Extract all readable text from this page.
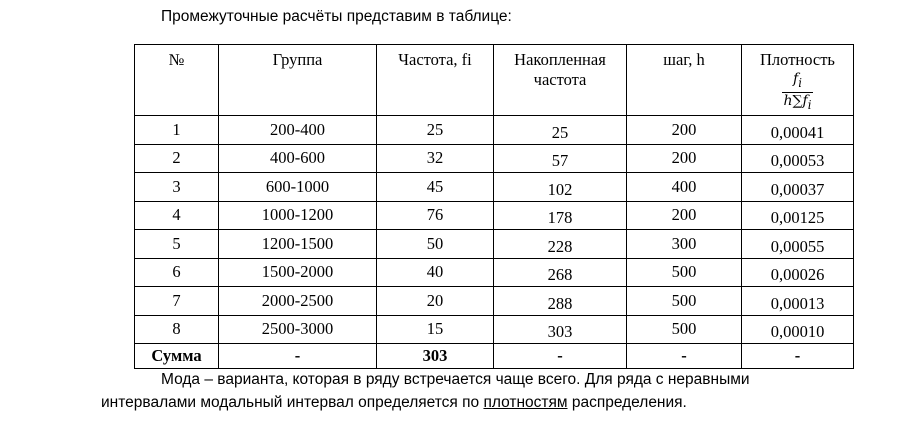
Промежуточные расчёты представим в таблице:
№	Группа	Частота, fi	Накопленная частота	шаг, h	Плотность

$\frac{f_i}{h\sum f_i}$

1	200-400	25	25	200	0,00041
2	400-600	32	57	200	0,00053
3	600-1000	45	102	400	0,00037
4	1000-1200	76	178	200	0,00125
5	1200-1500	50	228	300	0,00055
6	1500-2000	40	268	500	0,00026
7	2000-2500	20	288	500	0,00013
8	2500-3000	15	303	500	0,00010
Сумма	-	303	-	-	-
Мода – варианта, которая в ряду встречается чаще всего. Для ряда с неравными
интервалами модальный интервал определяется по плотностям распределения.
